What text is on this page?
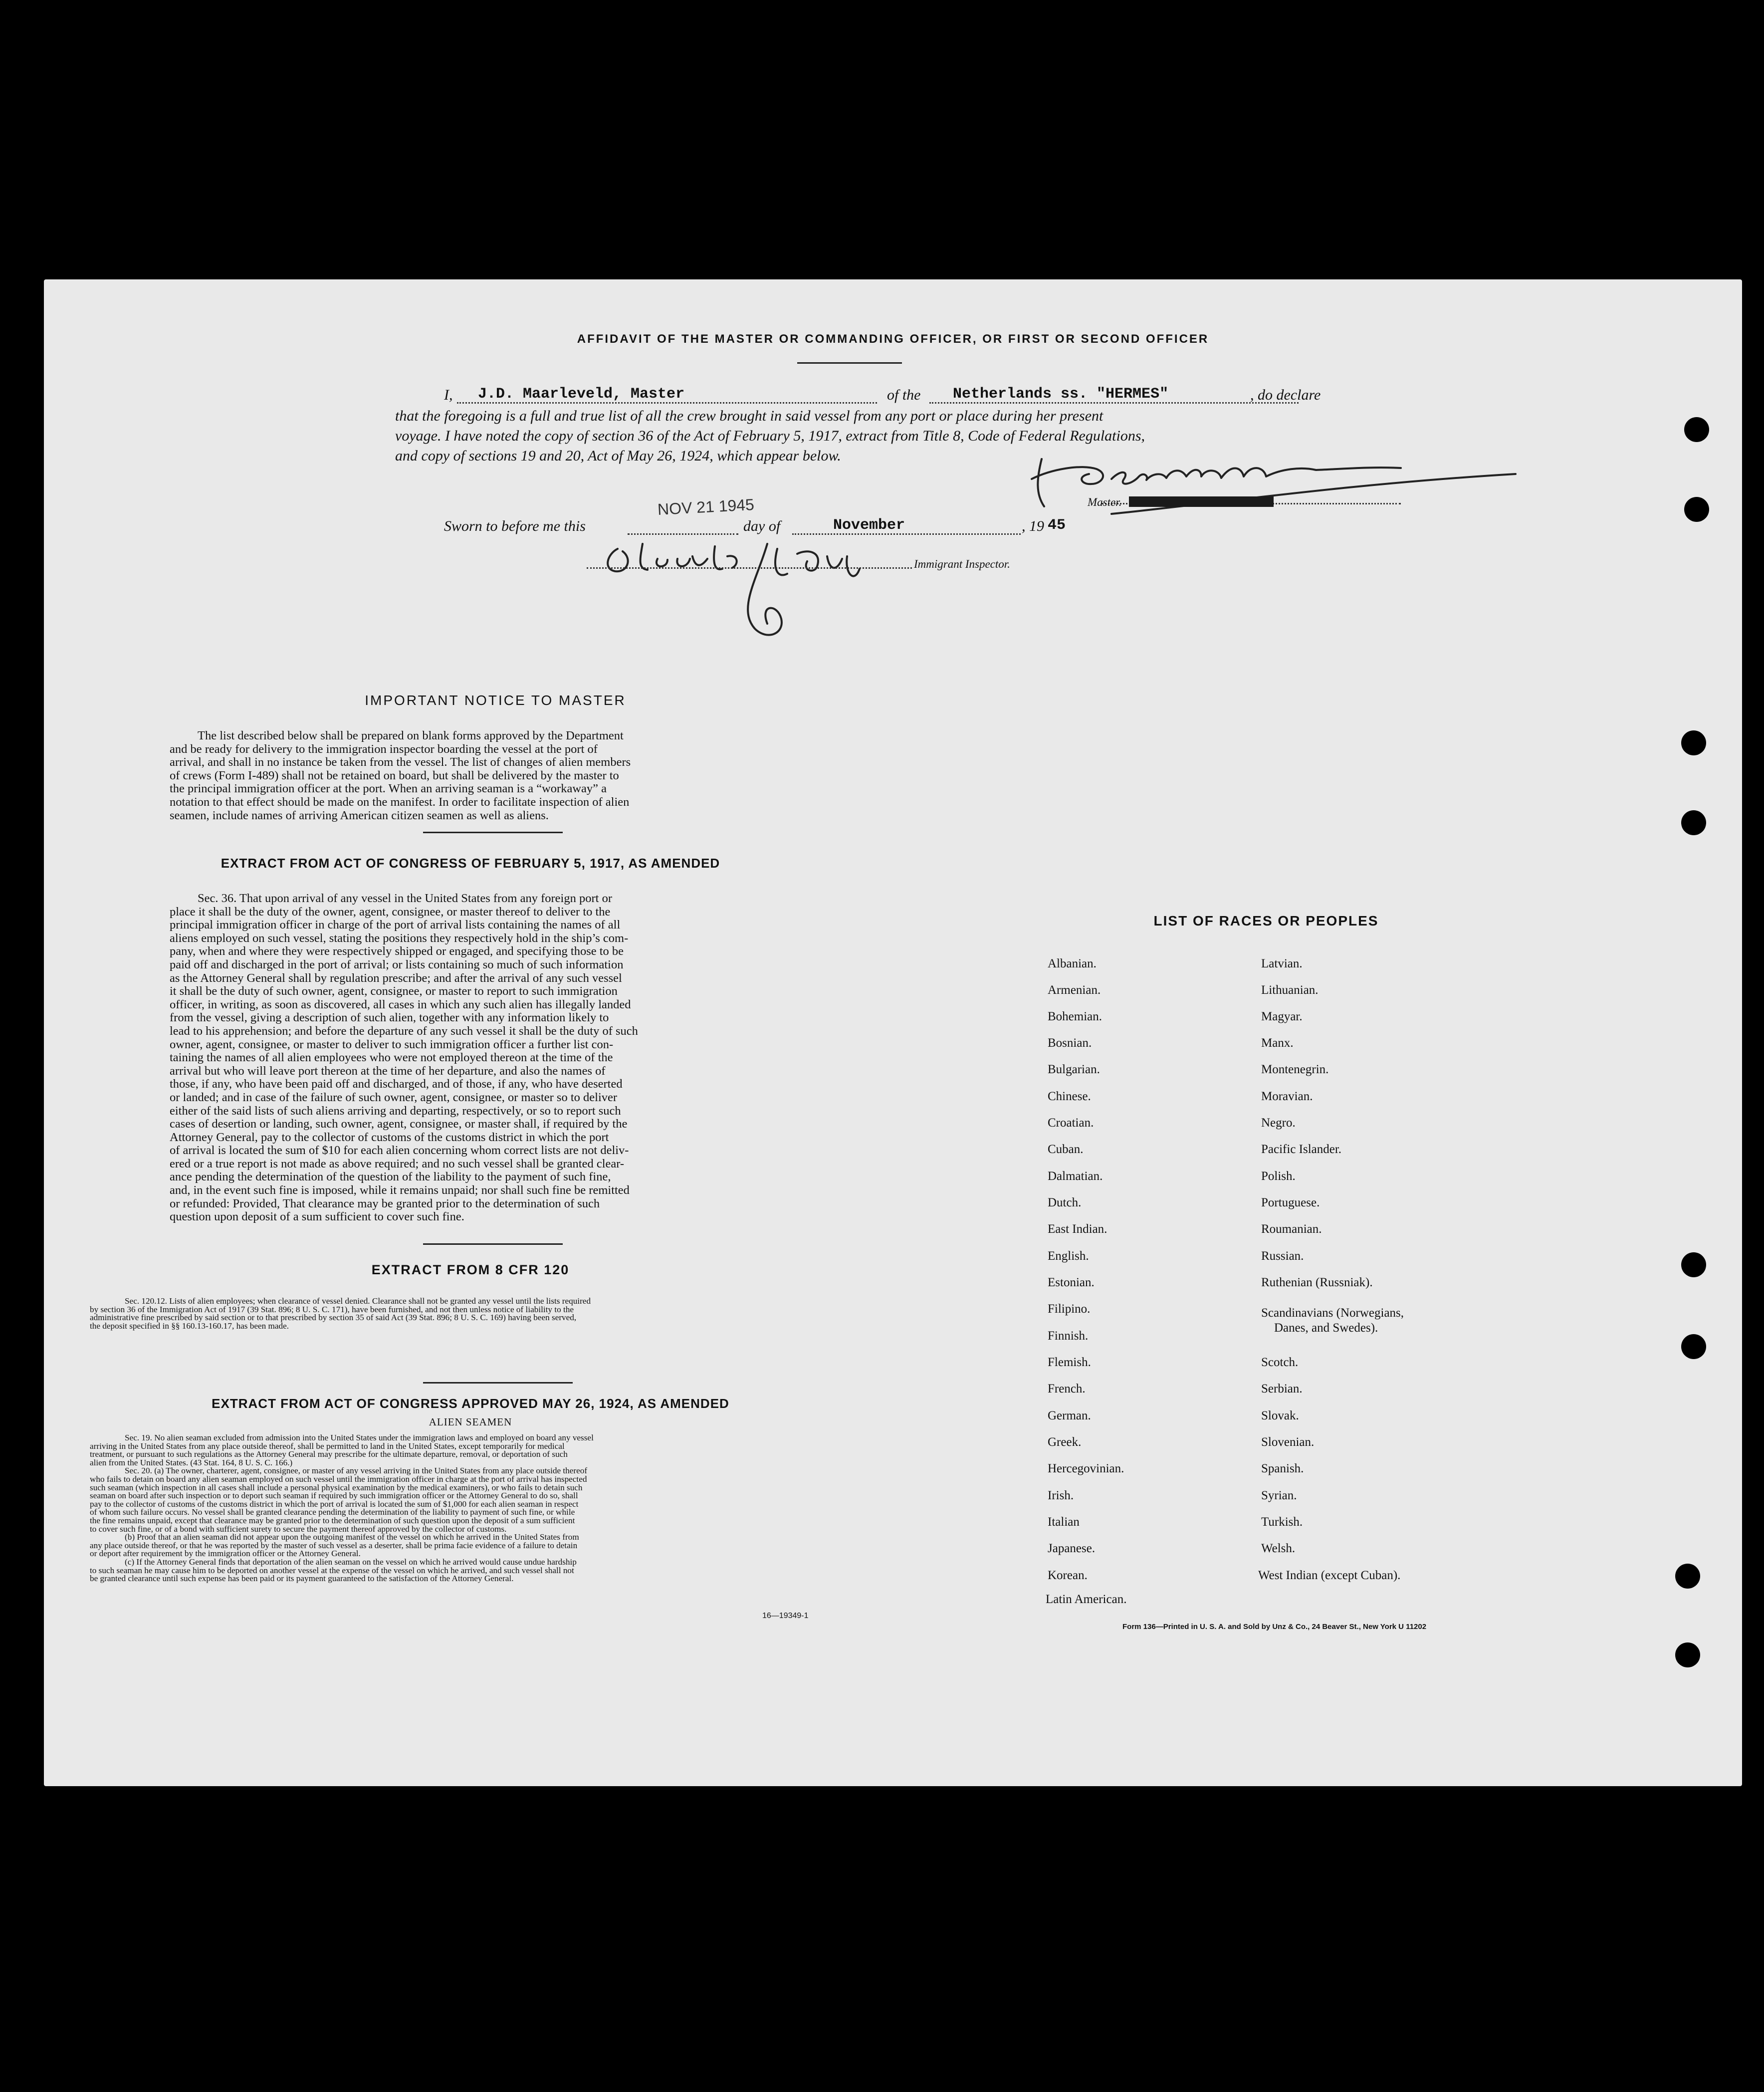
AFFIDAVIT OF THE MASTER OR COMMANDING OFFICER, OR FIRST OR SECOND OFFICER
I, J.D. Maarleveld, Master	of the Netherlands ss. "HERMES"	, do declare
that the foregoing is a full and true list of all the crew brought in said vessel from any port or place during her present
voyage. I have noted the copy of section 36 of the Act of February 5, 1917, extract from Title 8, Code of Federal Regulations,
and copy of sections 19 and 20, Act of May 26, 1924, which appear below.
Master.
Sworn to before me this
NOV 21 1945
day of	November	, 19 45
Immigrant Inspector.
IMPORTANT NOTICE TO MASTER
The list described below shall be prepared on blank forms approved by the Department
and be ready for delivery to the immigration inspector boarding the vessel at the port of
arrival, and shall in no instance be taken from the vessel. The list of changes of alien members
of crews (Form I-489) shall not be retained on board, but shall be delivered by the master to
the principal immigration officer at the port. When an arriving seaman is a “workaway” a
notation to that effect should be made on the manifest. In order to facilitate inspection of alien
seamen, include names of arriving American citizen seamen as well as aliens.
EXTRACT FROM ACT OF CONGRESS OF FEBRUARY 5, 1917, AS AMENDED
Sec. 36. That upon arrival of any vessel in the United States from any foreign port or
place it shall be the duty of the owner, agent, consignee, or master thereof to deliver to the
principal immigration officer in charge of the port of arrival lists containing the names of all
aliens employed on such vessel, stating the positions they respectively hold in the ship’s com-
pany, when and where they were respectively shipped or engaged, and specifying those to be
paid off and discharged in the port of arrival; or lists containing so much of such information
as the Attorney General shall by regulation prescribe; and after the arrival of any such vessel
it shall be the duty of such owner, agent, consignee, or master to report to such immigration
officer, in writing, as soon as discovered, all cases in which any such alien has illegally landed
from the vessel, giving a description of such alien, together with any information likely to
lead to his apprehension; and before the departure of any such vessel it shall be the duty of such
owner, agent, consignee, or master to deliver to such immigration officer a further list con-
taining the names of all alien employees who were not employed thereon at the time of the
arrival but who will leave port thereon at the time of her departure, and also the names of
those, if any, who have been paid off and discharged, and of those, if any, who have deserted
or landed; and in case of the failure of such owner, agent, consignee, or master so to deliver
either of the said lists of such aliens arriving and departing, respectively, or so to report such
cases of desertion or landing, such owner, agent, consignee, or master shall, if required by the
Attorney General, pay to the collector of customs of the customs district in which the port
of arrival is located the sum of $10 for each alien concerning whom correct lists are not deliv-
ered or a true report is not made as above required; and no such vessel shall be granted clear-
ance pending the determination of the question of the liability to the payment of such fine,
and, in the event such fine is imposed, while it remains unpaid; nor shall such fine be remitted
or refunded: Provided, That clearance may be granted prior to the determination of such
question upon deposit of a sum sufficient to cover such fine.
EXTRACT FROM 8 CFR 120
Sec. 120.12. Lists of alien employees; when clearance of vessel denied. Clearance shall not be granted any vessel until the lists required
by section 36 of the Immigration Act of 1917 (39 Stat. 896; 8 U. S. C. 171), have been furnished, and not then unless notice of liability to the
administrative fine prescribed by said section or to that prescribed by section 35 of said Act (39 Stat. 896; 8 U. S. C. 169) having been served,
the deposit specified in §§ 160.13-160.17, has been made.
EXTRACT FROM ACT OF CONGRESS APPROVED MAY 26, 1924, AS AMENDED
ALIEN SEAMEN
Sec. 19. No alien seaman excluded from admission into the United States under the immigration laws and employed on board any vessel
arriving in the United States from any place outside thereof, shall be permitted to land in the United States, except temporarily for medical
treatment, or pursuant to such regulations as the Attorney General may prescribe for the ultimate departure, removal, or deportation of such
alien from the United States. (43 Stat. 164, 8 U. S. C. 166.)
Sec. 20. (a) The owner, charterer, agent, consignee, or master of any vessel arriving in the United States from any place outside thereof
who fails to detain on board any alien seaman employed on such vessel until the immigration officer in charge at the port of arrival has inspected
such seaman (which inspection in all cases shall include a personal physical examination by the medical examiners), or who fails to detain such
seaman on board after such inspection or to deport such seaman if required by such immigration officer or the Attorney General to do so, shall
pay to the collector of customs of the customs district in which the port of arrival is located the sum of $1,000 for each alien seaman in respect
of whom such failure occurs. No vessel shall be granted clearance pending the determination of the liability to payment of such fine, or while
the fine remains unpaid, except that clearance may be granted prior to the determination of such question upon the deposit of a sum sufficient
to cover such fine, or of a bond with sufficient surety to secure the payment thereof approved by the collector of customs.
(b) Proof that an alien seaman did not appear upon the outgoing manifest of the vessel on which he arrived in the United States from
any place outside thereof, or that he was reported by the master of such vessel as a deserter, shall be prima facie evidence of a failure to detain
or deport after requirement by the immigration officer or the Attorney General.
(c) If the Attorney General finds that deportation of the alien seaman on the vessel on which he arrived would cause undue hardship
to such seaman he may cause him to be deported on another vessel at the expense of the vessel on which he arrived, and such vessel shall not
be granted clearance until such expense has been paid or its payment guaranteed to the satisfaction of the Attorney General.
16—19349-1
LIST OF RACES OR PEOPLES
Albanian.
Armenian.
Bohemian.
Bosnian.
Bulgarian.
Chinese.
Croatian.
Cuban.
Dalmatian.
Dutch.
East Indian.
English.
Estonian.
Filipino.
Finnish.
Flemish.
French.
German.
Greek.
Hercegovinian.
Irish.
Italian
Japanese.
Korean.
Latin American.
Latvian.
Lithuanian.
Magyar.
Manx.
Montenegrin.
Moravian.
Negro.
Pacific Islander.
Polish.
Portuguese.
Roumanian.
Russian.
Ruthenian (Russniak).
Scandinavians (Norwegians,
Danes, and Swedes).
Scotch.
Serbian.
Slovak.
Slovenian.
Spanish.
Syrian.
Turkish.
Welsh.
West Indian (except Cuban).
Form 136—Printed in U. S. A. and Sold by Unz & Co., 24 Beaver St., New York U 11202
